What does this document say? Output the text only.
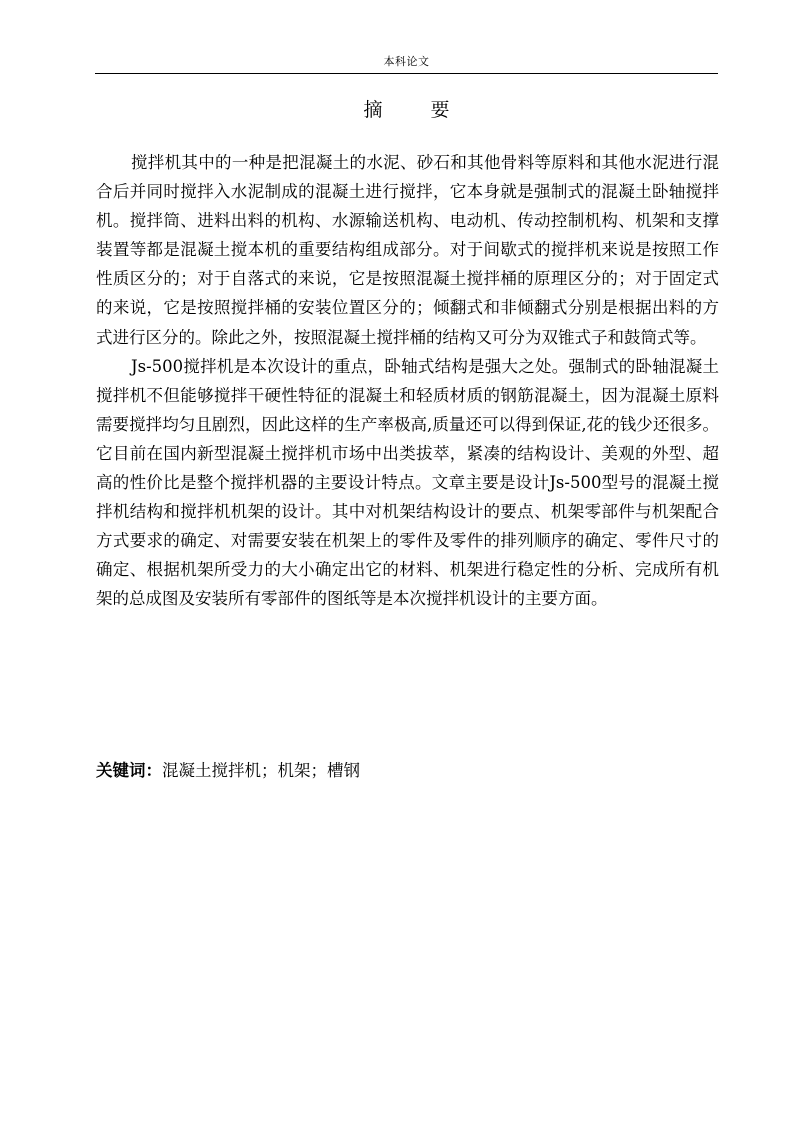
本科论文
摘 要

搅拌机其中的一种是把混凝土的水泥、砂石和其他骨料等原料和其他水泥进行混合后并同时搅拌入水泥制成的混凝土进行搅拌，它本身就是强制式的混凝土卧轴搅拌机。搅拌筒、进料出料的机构、水源输送机构、电动机、传动控制机构、机架和支撑装置等都是混凝土搅本机的重要结构组成部分。对于间歇式的搅拌机来说是按照工作性质区分的；对于自落式的来说，它是按照混凝土搅拌桶的原理区分的；对于固定式的来说，它是按照搅拌桶的安装位置区分的；倾翻式和非倾翻式分别是根据出料的方式进行区分的。除此之外，按照混凝土搅拌桶的结构又可分为双锥式子和鼓筒式等。

Js-500搅拌机是本次设计的重点，卧轴式结构是强大之处。强制式的卧轴混凝土搅拌机不但能够搅拌干硬性特征的混凝土和轻质材质的钢筋混凝土，因为混凝土原料需要搅拌均匀且剧烈，因此这样的生产率极高,质量还可以得到保证,花的钱少还很多。它目前在国内新型混凝土搅拌机市场中出类拔萃，紧凑的结构设计、美观的外型、超高的性价比是整个搅拌机器的主要设计特点。文章主要是设计Js-500型号的混凝土搅拌机结构和搅拌机机架的设计。其中对机架结构设计的要点、机架零部件与机架配合方式要求的确定、对需要安装在机架上的零件及零件的排列顺序的确定、零件尺寸的确定、根据机架所受力的大小确定出它的材料、机架进行稳定性的分析、完成所有机架的总成图及安装所有零部件的图纸等是本次搅拌机设计的主要方面。

关键词：混凝土搅拌机；机架；槽钢
